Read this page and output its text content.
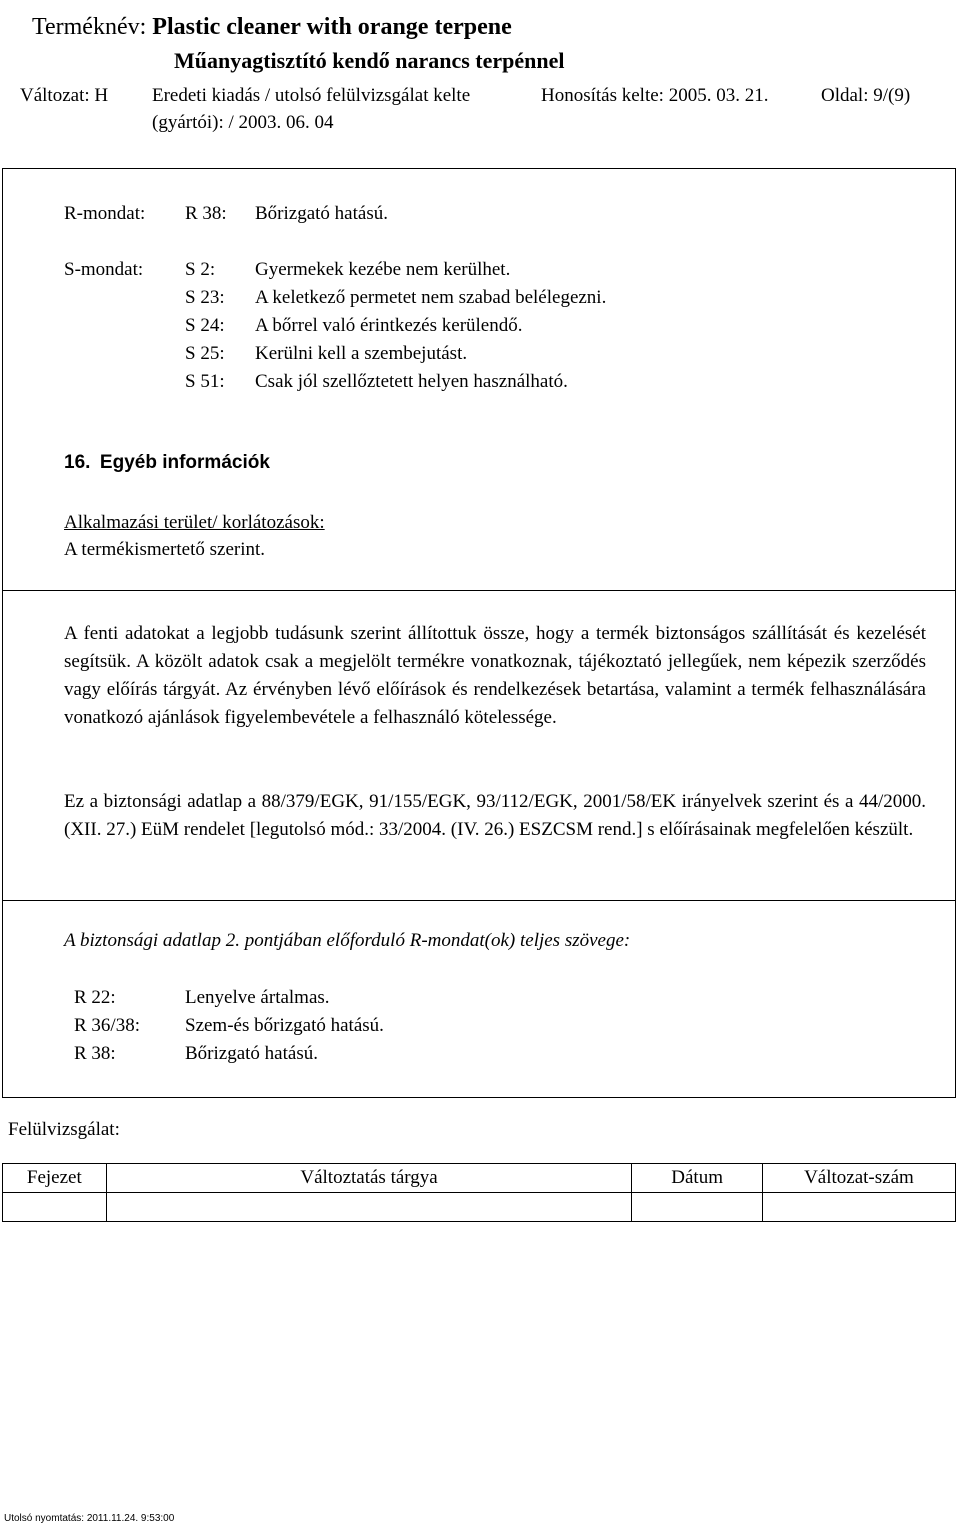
Terméknév: Plastic cleaner with orange terpene
Műanyagtisztító kendő narancs terpénnel
Változat: H Eredeti kiadás / utolsó felülvizsgálat kelte
(gyártói): / 2003. 06. 04
Honosítás kelte: 2005. 03. 21.	Oldal: 9/(9)
R-mondat: R 38: Bőrizgató hatású.
S-mondat: S 2: Gyermekek kezébe nem kerülhet.
S 23: A keletkező permetet nem szabad belélegezni.
S 24: A bőrrel való érintkezés kerülendő.
S 25: Kerülni kell a szembejutást.
S 51: Csak jól szellőztetett helyen használható.
16. Egyéb információk
Alkalmazási terület/ korlátozások:
A termékismertető szerint.
A fenti adatokat a legjobb tudásunk szerint állítottuk össze, hogy a termék biztonságos szállítását és kezelését segítsük. A közölt adatok csak a megjelölt termékre vonatkoznak, tájékoztató jellegűek, nem képezik szerződés vagy előírás tárgyát. Az érvényben lévő előírások és rendelkezések betartása, valamint a termék felhasználására vonatkozó ajánlások figyelembevétele a felhasználó kötelessége.
Ez a biztonsági adatlap a 88/379/EGK, 91/155/EGK, 93/112/EGK, 2001/58/EK irányelvek szerint és a 44/2000. (XII. 27.) EüM rendelet [legutolsó mód.: 33/2004. (IV. 26.) ESZCSM rend.] s előírásainak megfelelően készült.
A biztonsági adatlap 2. pontjában előforduló R-mondat(ok) teljes szövege:
R 22:	Lenyelve ártalmas.
R 36/38: Szem-és bőrizgató hatású.
R 38:	Bőrizgató hatású.
Felülvizsgálat:
Fejezet	Változtatás tárgya	Dátum	Változat-szám

Utolsó nyomtatás: 2011.11.24. 9:53:00
